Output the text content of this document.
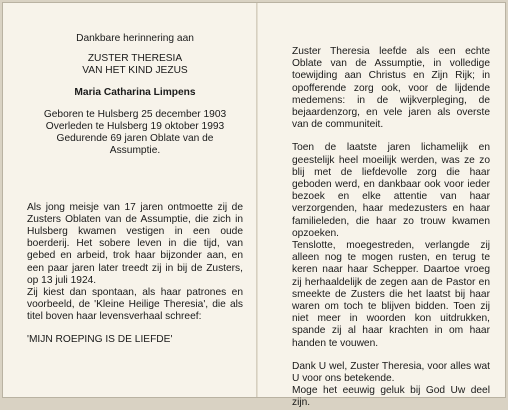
Dankbare herinnering aan

ZUSTER THERESIA

VAN HET KIND JEZUS

Maria Catharina Limpens

Geboren te Hulsberg 25 december 1903

Overleden te Hulsberg 19 oktober 1993

Gedurende 69 jaren Oblate van de

Assumptie.

Als jong meisje van 17 jaren ontmoette zij de Zusters Oblaten van de Assumptie, die zich in Hulsberg kwamen vestigen in een oude boerderij. Het sobere leven in die tijd, van gebed en arbeid, trok haar bijzonder aan, en een paar jaren later treedt zij in bij de Zusters, op 13 juli 1924.

Zij kiest dan spontaan, als haar patrones en voorbeeld, de 'Kleine Heilige Theresia', die als titel boven haar levensverhaal schreef:

'MIJN ROEPING IS DE LIEFDE'

Zuster Theresia leefde als een echte Oblate van de Assumptie, in volledige toewijding aan Christus en Zijn Rijk; in opofferende zorg ook, voor de lijdende medemens: in de wijkverpleging, de bejaardenzorg, en vele jaren als overste van de communiteit.

Toen de laatste jaren lichamelijk en geestelijk heel moeilijk werden, was ze zo blij met de liefdevolle zorg die haar geboden werd, en dankbaar ook voor ieder bezoek en elke attentie van haar verzorgenden, haar medezusters en haar familieleden, die haar zo trouw kwamen opzoeken.

Tenslotte, moegestreden, verlangde zij alleen nog te mogen rusten, en terug te keren naar haar Schepper. Daartoe vroeg zij herhaaldelijk de zegen aan de Pastor en smeekte de Zusters die het laatst bij haar waren om toch te blijven bidden. Toen zij niet meer in woorden kon uitdrukken, spande zij al haar krachten in om haar handen te vouwen.

Dank U wel, Zuster Theresia, voor alles wat U voor ons betekende.

Moge het eeuwig geluk bij God Uw deel zijn.
